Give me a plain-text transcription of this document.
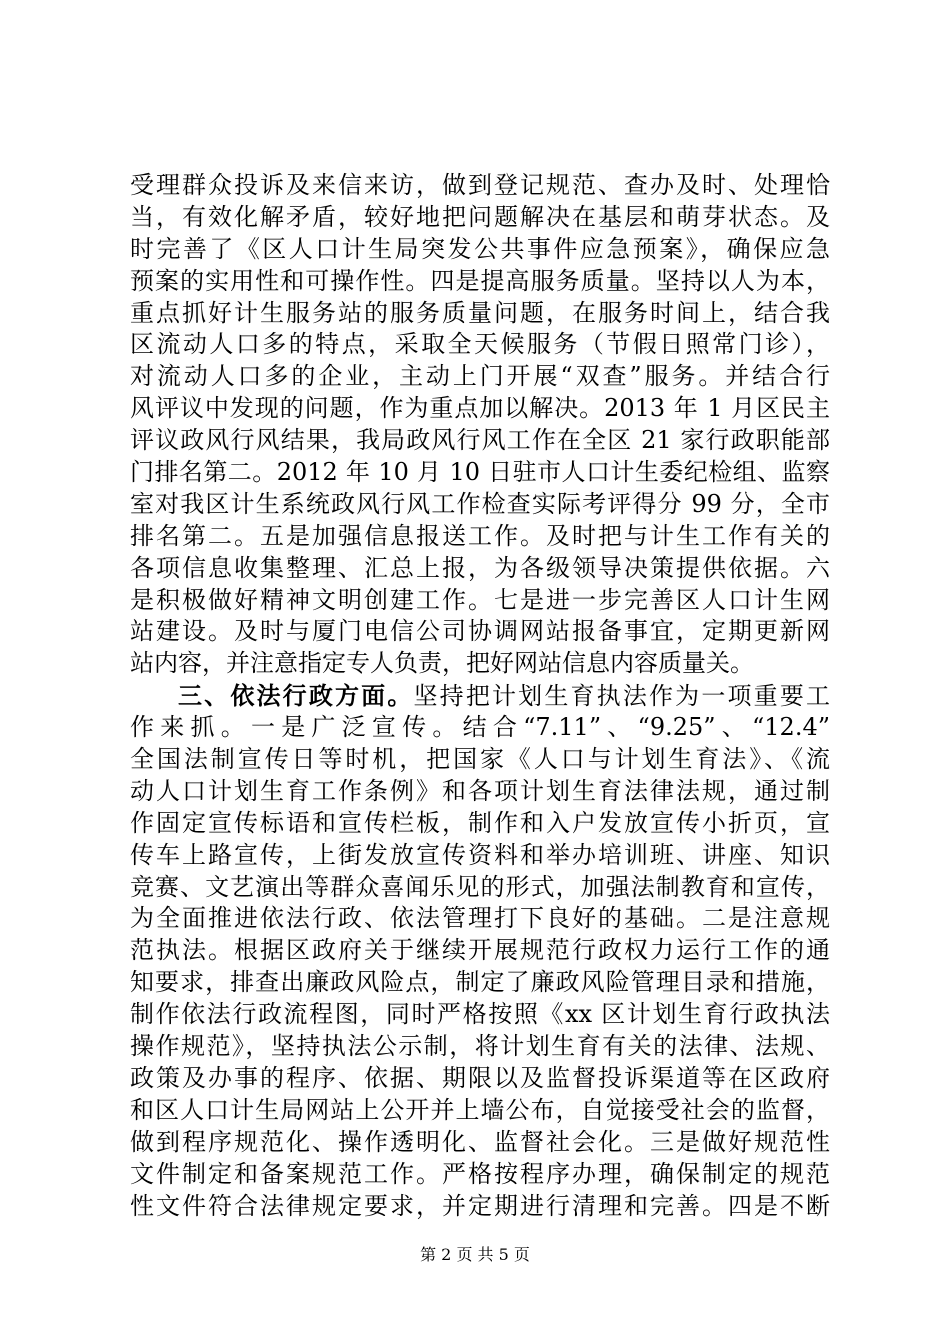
受理群众投诉及来信来访，做到登记规范、查办及时、处理恰
当，有效化解矛盾，较好地把问题解决在基层和萌芽状态。及
时完善了《区人口计生局突发公共事件应急预案》，确保应急
预案的实用性和可操作性。四是提高服务质量。坚持以人为本，
重点抓好计生服务站的服务质量问题，在服务时间上，结合我
区流动人口多的特点，采取全天候服务（节假日照常门诊），
对流动人口多的企业，主动上门开展“双查”服务。并结合行
风评议中发现的问题，作为重点加以解决。2013 年 1 月区民主
评议政风行风结果，我局政风行风工作在全区 21 家行政职能部
门排名第二。2012 年 10 月 10 日驻市人口计生委纪检组、监察
室对我区计生系统政风行风工作检查实际考评得分 99 分，全市
排名第二。五是加强信息报送工作。及时把与计生工作有关的
各项信息收集整理、汇总上报，为各级领导决策提供依据。六
是积极做好精神文明创建工作。七是进一步完善区人口计生网
站建设。及时与厦门电信公司协调网站报备事宜，定期更新网
站内容，并注意指定专人负责，把好网站信息内容质量关。
三、依法行政方面。坚持把计划生育执法作为一项重要工
作来抓。一是广泛宣传。结合“7.11”、“9.25”、“12.4”
全国法制宣传日等时机，把国家《人口与计划生育法》、《流
动人口计划生育工作条例》和各项计划生育法律法规，通过制
作固定宣传标语和宣传栏板，制作和入户发放宣传小折页，宣
传车上路宣传，上街发放宣传资料和举办培训班、讲座、知识
竞赛、文艺演出等群众喜闻乐见的形式，加强法制教育和宣传，
为全面推进依法行政、依法管理打下良好的基础。二是注意规
范执法。根据区政府关于继续开展规范行政权力运行工作的通
知要求，排查出廉政风险点，制定了廉政风险管理目录和措施，
制作依法行政流程图，同时严格按照《xx 区计划生育行政执法
操作规范》，坚持执法公示制，将计划生育有关的法律、法规、
政策及办事的程序、依据、期限以及监督投诉渠道等在区政府
和区人口计生局网站上公开并上墙公布，自觉接受社会的监督，
做到程序规范化、操作透明化、监督社会化。三是做好规范性
文件制定和备案规范工作。严格按程序办理，确保制定的规范
性文件符合法律规定要求，并定期进行清理和完善。四是不断
第 2 页 共 5 页
